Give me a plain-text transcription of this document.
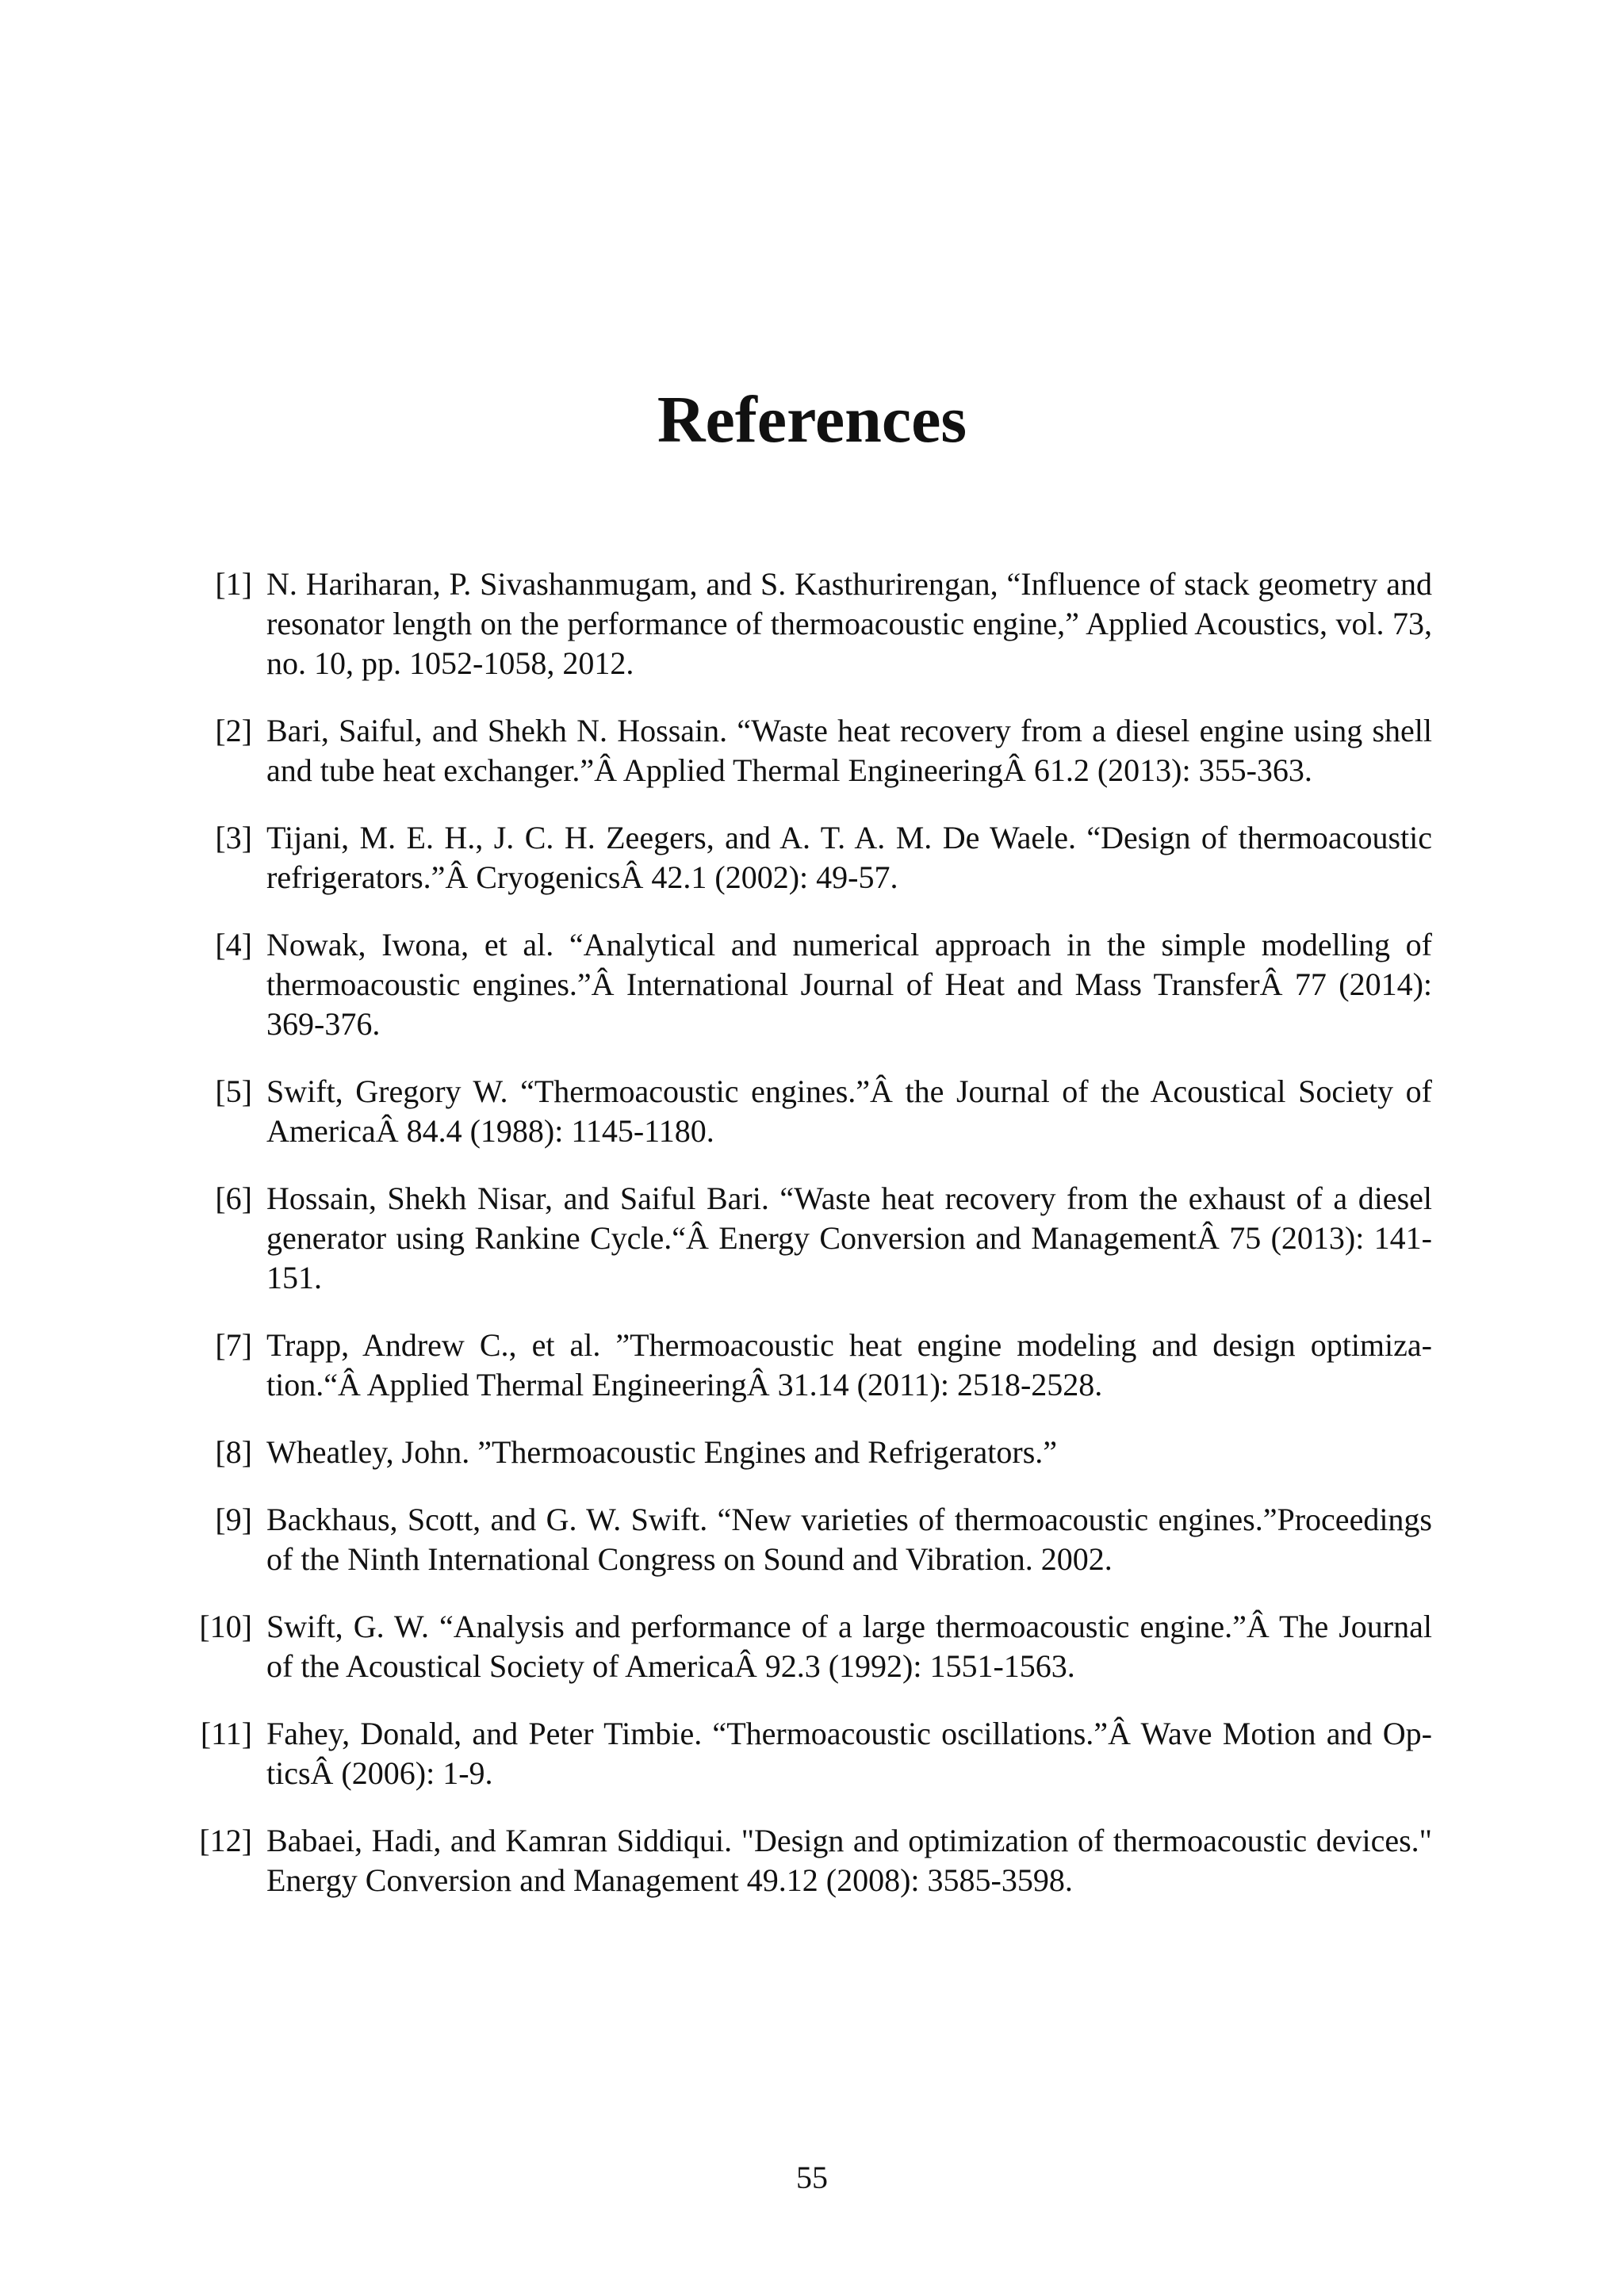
References
[1] N. Hariharan, P. Sivashanmugam, and S. Kasthurirengan, “Influence of stack geometry and resonator length on the performance of thermoacoustic engine,” Applied Acoustics, vol. 73, no. 10, pp. 1052-1058, 2012.
[2] Bari, Saiful, and Shekh N. Hossain. “Waste heat recovery from a diesel engine using shell and tube heat exchanger.”Â Applied Thermal EngineeringÂ 61.2 (2013): 355-363.
[3] Tijani, M. E. H., J. C. H. Zeegers, and A. T. A. M. De Waele. “Design of thermoacoustic refrigerators.”Â CryogenicsÂ 42.1 (2002): 49-57.
[4] Nowak, Iwona, et al. “Analytical and numerical approach in the simple modelling of thermoacoustic engines.”Â International Journal of Heat and Mass TransferÂ 77 (2014): 369-376.
[5] Swift, Gregory W. “Thermoacoustic engines.”Â the Journal of the Acoustical Society of AmericaÂ 84.4 (1988): 1145-1180.
[6] Hossain, Shekh Nisar, and Saiful Bari. “Waste heat recovery from the exhaust of a diesel generator using Rankine Cycle.“Â Energy Conversion and ManagementÂ 75 (2013): 141-151.
[7] Trapp, Andrew C., et al. ”Thermoacoustic heat engine modeling and design optimization.“Â Applied Thermal EngineeringÂ 31.14 (2011): 2518-2528.
[8] Wheatley, John. ”Thermoacoustic Engines and Refrigerators.”
[9] Backhaus, Scott, and G. W. Swift. “New varieties of thermoacoustic engines.”Proceedings of the Ninth International Congress on Sound and Vibration. 2002.
[10] Swift, G. W. “Analysis and performance of a large thermoacoustic engine.”Â The Journal of the Acoustical Society of AmericaÂ 92.3 (1992): 1551-1563.
[11] Fahey, Donald, and Peter Timbie. “Thermoacoustic oscillations.”Â Wave Motion and OpticsÂ (2006): 1-9.
[12] Babaei, Hadi, and Kamran Siddiqui. "Design and optimization of thermoacoustic devices." Energy Conversion and Management 49.12 (2008): 3585-3598.
55
